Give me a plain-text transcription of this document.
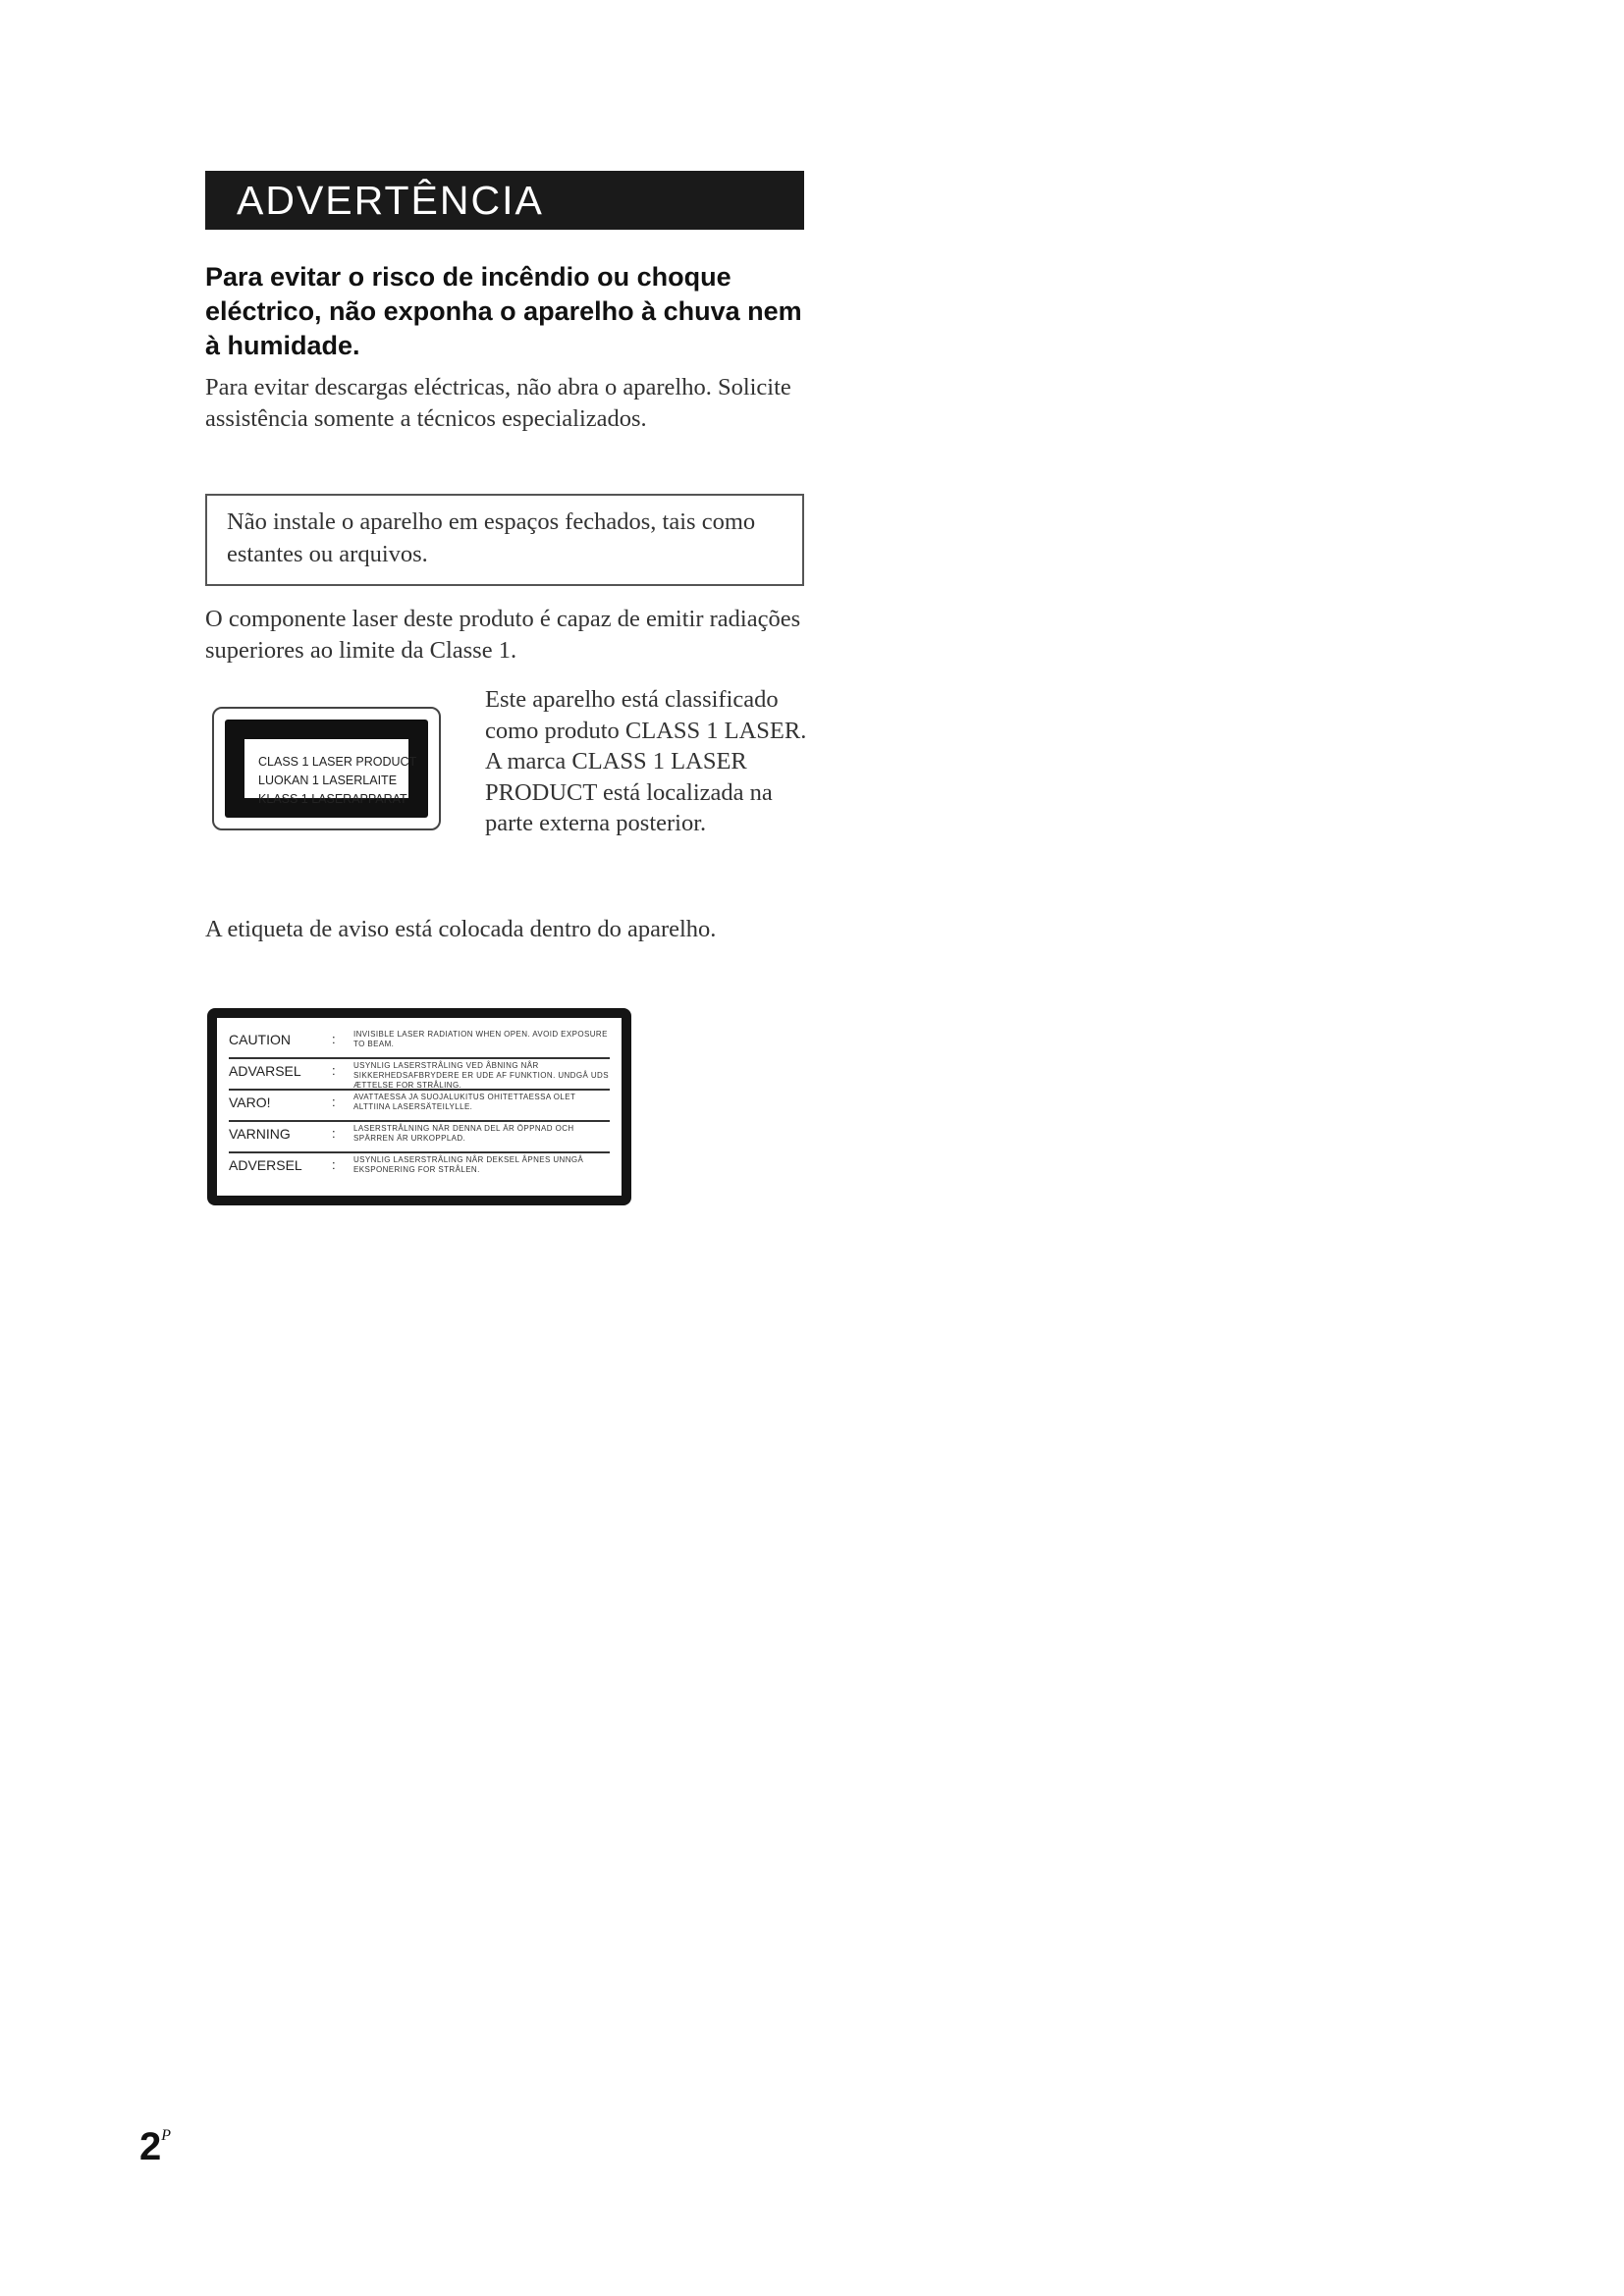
ADVERTÊNCIA

Para evitar o risco de incêndio ou choque eléctrico, não exponha o aparelho à chuva nem à humidade.

Para evitar descargas eléctricas, não abra o aparelho. Solicite assistência somente a técnicos especializados.

Não instale o aparelho em espaços fechados, tais como estantes ou arquivos.

O componente laser deste produto é capaz de emitir radiações superiores ao limite da Classe 1.

CLASS 1 LASER PRODUCT
LUOKAN 1 LASERLAITE
KLASS 1 LASERAPPARAT

Este aparelho está classificado como produto CLASS 1 LASER. A marca CLASS 1 LASER PRODUCT está localizada na parte externa posterior.

A etiqueta de aviso está colocada dentro do aparelho.

CAUTION	:	INVISIBLE LASER RADIATION WHEN OPEN. AVOID EXPOSURE TO BEAM.
ADVARSEL	:	USYNLIG LASERSTRÅLING VED ÅBNING NÅR SIKKERHEDSAFBRYDERE ER UDE AF FUNKTION. UNDGÅ UDS ÆTTELSE FOR STRÅLING.
VARO!	:	AVATTAESSA JA SUOJALUKITUS OHITETTAESSA OLET ALTTIINA LASERSÄTEILYLLE.
VARNING	:	LASERSTRÅLNING NÄR DENNA DEL ÄR ÖPPNAD OCH SPÄRREN ÄR URKOPPLAD.
ADVERSEL	:	USYNLIG LASERSTRÅLING NÅR DEKSEL ÅPNES UNNGÅ EKSPONERING FOR STRÅLEN.
$2^P$
